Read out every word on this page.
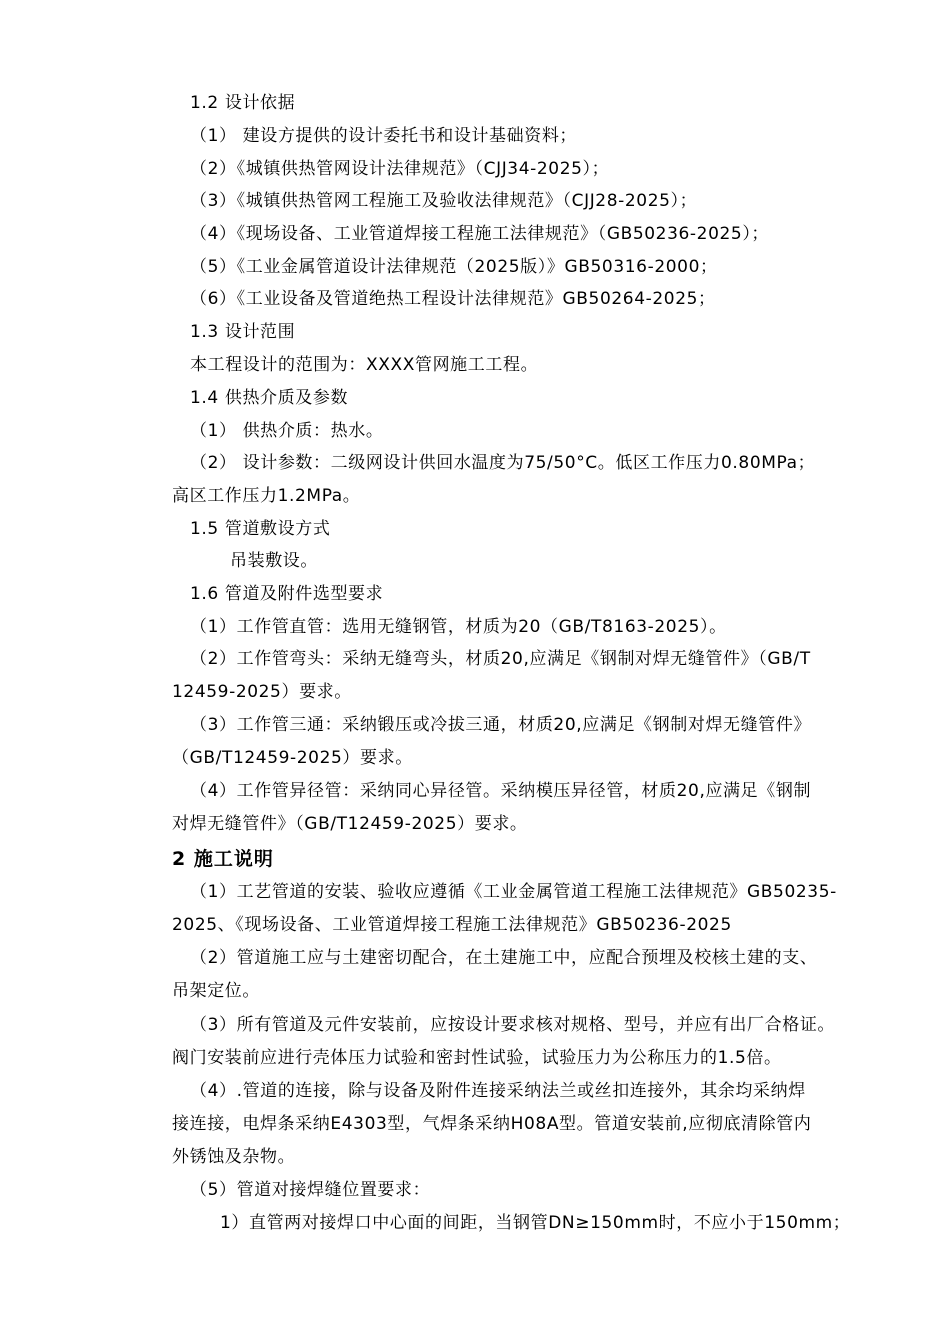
1.2 设计依据
（1） 建设方提供的设计委托书和设计基础资料；
（2）《城镇供热管网设计法律规范》（CJJ34-2025）；
（3）《城镇供热管网工程施工及验收法律规范》（CJJ28-2025）；
（4）《现场设备、工业管道焊接工程施工法律规范》（GB50236-2025）；
（5）《工业金属管道设计法律规范（2025版）》GB50316-2000；
（6）《工业设备及管道绝热工程设计法律规范》GB50264-2025；
1.3 设计范围
本工程设计的范围为：XXXX管网施工工程。
1.4 供热介质及参数
（1） 供热介质：热水。
（2） 设计参数：二级网设计供回水温度为75/50°C。低区工作压力0.80MPa；
高区工作压力1.2MPa。
1.5 管道敷设方式
吊装敷设。
1.6 管道及附件选型要求
（1）工作管直管：选用无缝钢管，材质为20（GB/T8163-2025）。
（2）工作管弯头：采纳无缝弯头，材质20,应满足《钢制对焊无缝管件》（GB/T
12459-2025）要求。
（3）工作管三通：采纳锻压或冷拔三通，材质20,应满足《钢制对焊无缝管件》
（GB/T12459-2025）要求。
（4）工作管异径管：采纳同心异径管。采纳模压异径管，材质20,应满足《钢制
对焊无缝管件》（GB/T12459-2025）要求。
2 施工说明
（1）工艺管道的安装、验收应遵循《工业金属管道工程施工法律规范》GB50235-
2025、《现场设备、工业管道焊接工程施工法律规范》GB50236-2025
（2）管道施工应与土建密切配合，在土建施工中，应配合预埋及校核土建的支、
吊架定位。
（3）所有管道及元件安装前，应按设计要求核对规格、型号，并应有出厂合格证。
阀门安装前应进行壳体压力试验和密封性试验，试验压力为公称压力的1.5倍。
（4）.管道的连接，除与设备及附件连接采纳法兰或丝扣连接外，其余均采纳焊
接连接，电焊条采纳E4303型，气焊条采纳H08A型。管道安装前,应彻底清除管内
外锈蚀及杂物。
（5）管道对接焊缝位置要求：
1）直管两对接焊口中心面的间距，当钢管DN≥150mm时，不应小于150mm；
